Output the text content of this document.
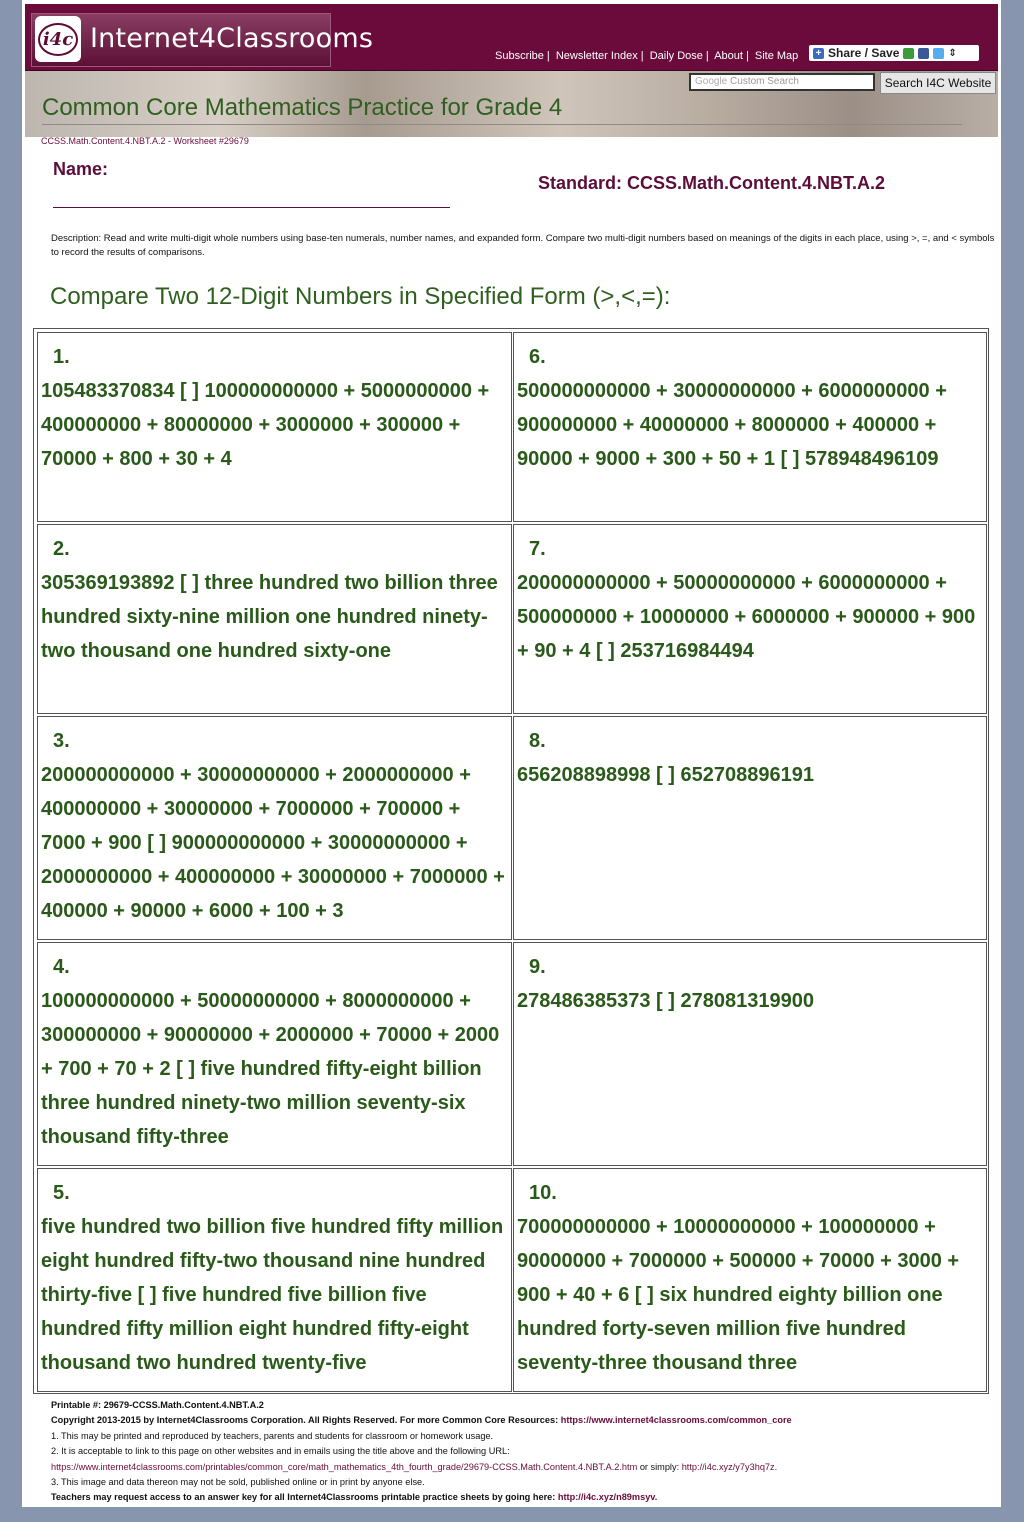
i4c Internet4Classrooms
Subscribe | Newsletter Index | Daily Dose | About | Site Map + Share / Save	⇕
Google Custom Search	Search I4C Website
Common Core Mathematics Practice for Grade 4
CCSS.Math.Content.4.NBT.A.2 - Worksheet #29679
Name:
Standard: CCSS.Math.Content.4.NBT.A.2
Description: Read and write multi-digit whole numbers using base-ten numerals, number names, and expanded form. Compare two multi-digit numbers based on meanings of the digits in each place, using >, =, and < symbols to record the results of comparisons.
Compare Two 12-Digit Numbers in Specified Form (>,<,=):
1.
105483370834 [ ] 100000000000 + 5000000000 + 400000000 + 80000000 + 3000000 + 300000 + 70000 + 800 + 30 + 4
6.
500000000000 + 30000000000 + 6000000000 + 900000000 + 40000000 + 8000000 + 400000 + 90000 + 9000 + 300 + 50 + 1 [ ] 578948496109
2.
305369193892 [ ] three hundred two billion three hundred sixty-nine million one hundred ninety-two thousand one hundred sixty-one
7.
200000000000 + 50000000000 + 6000000000 + 500000000 + 10000000 + 6000000 + 900000 + 900 + 90 + 4 [ ] 253716984494
3.
200000000000 + 30000000000 + 2000000000 + 400000000 + 30000000 + 7000000 + 700000 + 7000 + 900 [ ] 900000000000 + 30000000000 + 2000000000 + 400000000 + 30000000 + 7000000 + 400000 + 90000 + 6000 + 100 + 3
8.
656208898998 [ ] 652708896191
4.
100000000000 + 50000000000 + 8000000000 + 300000000 + 90000000 + 2000000 + 70000 + 2000 + 700 + 70 + 2 [ ] five hundred fifty-eight billion three hundred ninety-two million seventy-six thousand fifty-three
9.
278486385373 [ ] 278081319900
5.
five hundred two billion five hundred fifty million eight hundred fifty-two thousand nine hundred thirty-five [ ] five hundred five billion five hundred fifty million eight hundred fifty-eight thousand two hundred twenty-five
10.
700000000000 + 10000000000 + 100000000 + 90000000 + 7000000 + 500000 + 70000 + 3000 + 900 + 40 + 6 [ ] six hundred eighty billion one hundred forty-seven million five hundred seventy-three thousand three
Printable #: 29679-CCSS.Math.Content.4.NBT.A.2
Copyright 2013-2015 by Internet4Classrooms Corporation. All Rights Reserved. For more Common Core Resources: https://www.internet4classrooms.com/common_core
1. This may be printed and reproduced by teachers, parents and students for classroom or homework usage.
2. It is acceptable to link to this page on other websites and in emails using the title above and the following URL:
https://www.internet4classrooms.com/printables/common_core/math_mathematics_4th_fourth_grade/29679-CCSS.Math.Content.4.NBT.A.2.htm or simply: http://i4c.xyz/y7y3hq7z.
3. This image and data thereon may not be sold, published online or in print by anyone else.
Teachers may request access to an answer key for all Internet4Classrooms printable practice sheets by going here: http://i4c.xyz/n89msyv.
